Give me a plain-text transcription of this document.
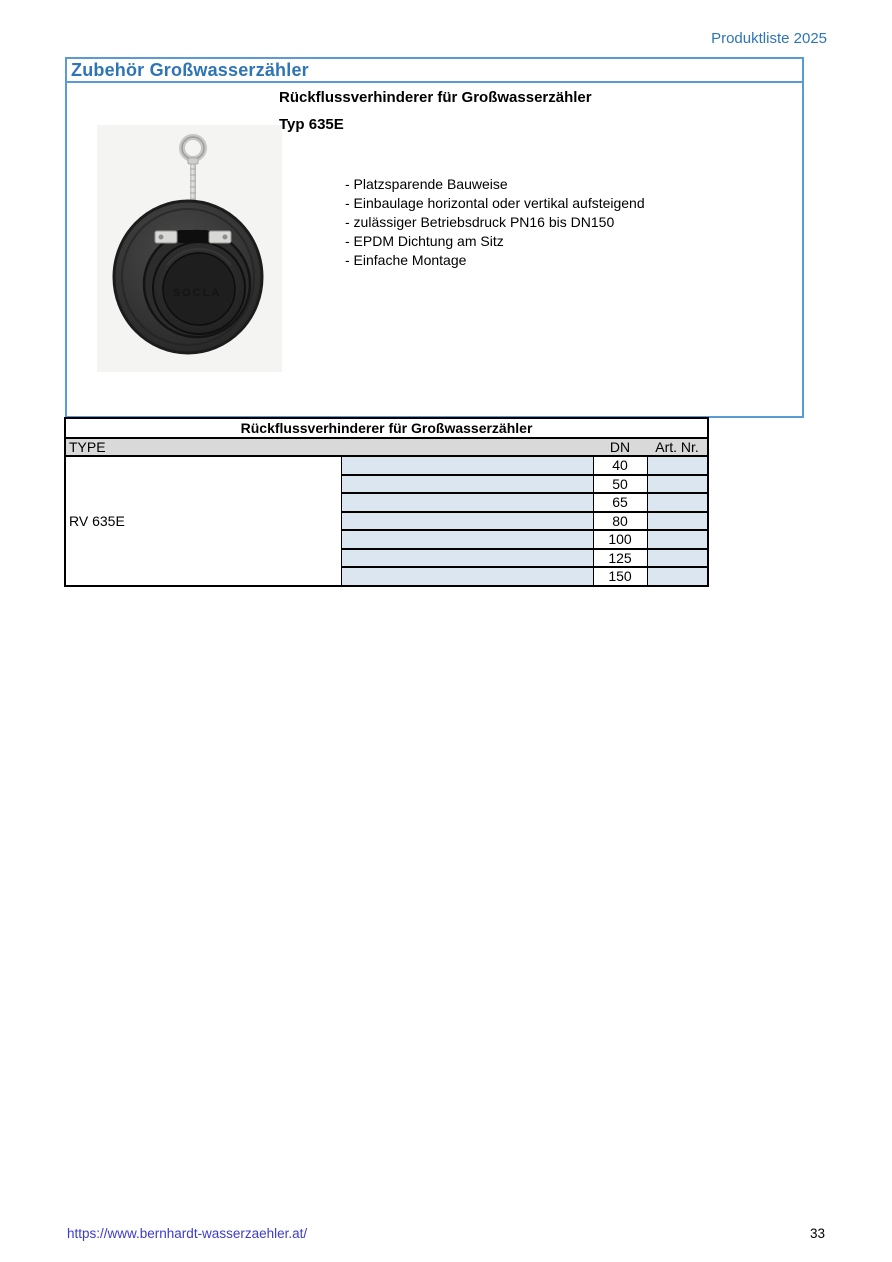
Produktliste 2025
Zubehör Großwasserzähler
SOCLA
Rückflussverhinderer für Großwasserzähler
Typ 635E
- Platzsparende Bauweise
- Einbaulage horizontal oder vertikal aufsteigend
- zulässiger Betriebsdruck PN16 bis DN150
- EPDM Dichtung am Sitz
- Einfache Montage
Rückflussverhinderer für Großwasserzähler			
TYPE		DN	Art. Nr.
RV 635E		40	
		50	
		65	
		80	
		100	
		125	
		150	
https://www.bernhardt-wasserzaehler.at/	33
